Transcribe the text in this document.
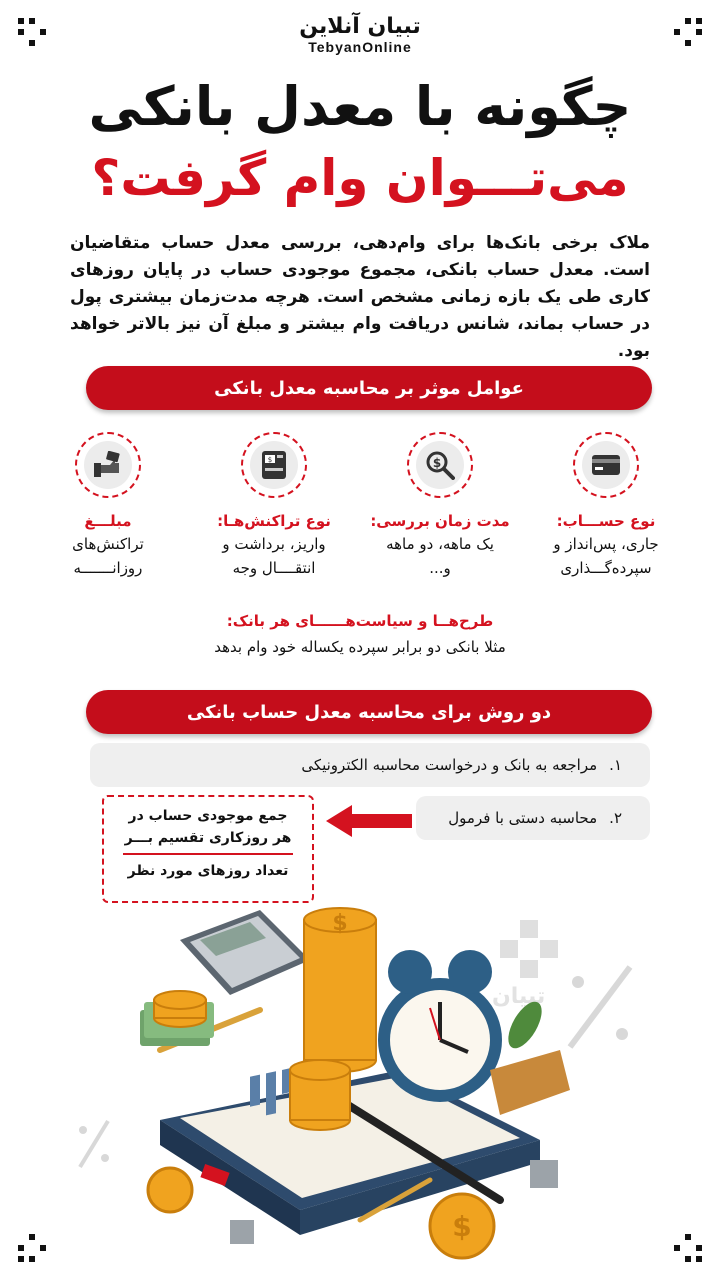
تبیان آنلاین
TebyanOnline
چگونه با معدل بانکی
می‌تـــوان وام گرفت؟
ملاک برخی بانک‌ها برای وام‌دهی، بررسی معدل حساب متقاضیان است. معدل حساب بانکی، مجموع موجودی حساب در پایان روزهای کاری طی یک بازه زمانی مشخص است. هرچه مدت‌زمان بیشتری پول در حساب بماند، شانس دریافت وام بیشتر و مبلغ آن نیز بالاتر خواهد بود.
عوامل موثر بر محاسبه معدل بانکی
نوع حســـاب:
جاری، پس‌انداز و
سپرده‌گـــذاری
$
مدت زمان بررسی:
یک ماهه، دو ماهه
و...
$
نوع تراکنش‌هـا:
واریز، برداشت و
انتقــــال وجه
مبلـــغ
تراکنش‌های
روزانـــــــه
طرح‌هــا و سیاست‌هــــــای هر بانک:
مثلا بانکی دو برابر سپرده یکساله خود وام بدهد
دو روش برای محاسبه معدل حساب بانکی
۱.
مراجعه به بانک و درخواست محاسبه الکترونیکی
۲.
محاسبه دستی با فرمول
جمع موجودی حساب در
هر روزکاری تقسیم بـــر
تعداد روزهای مورد نظر
تبیان
$
$
